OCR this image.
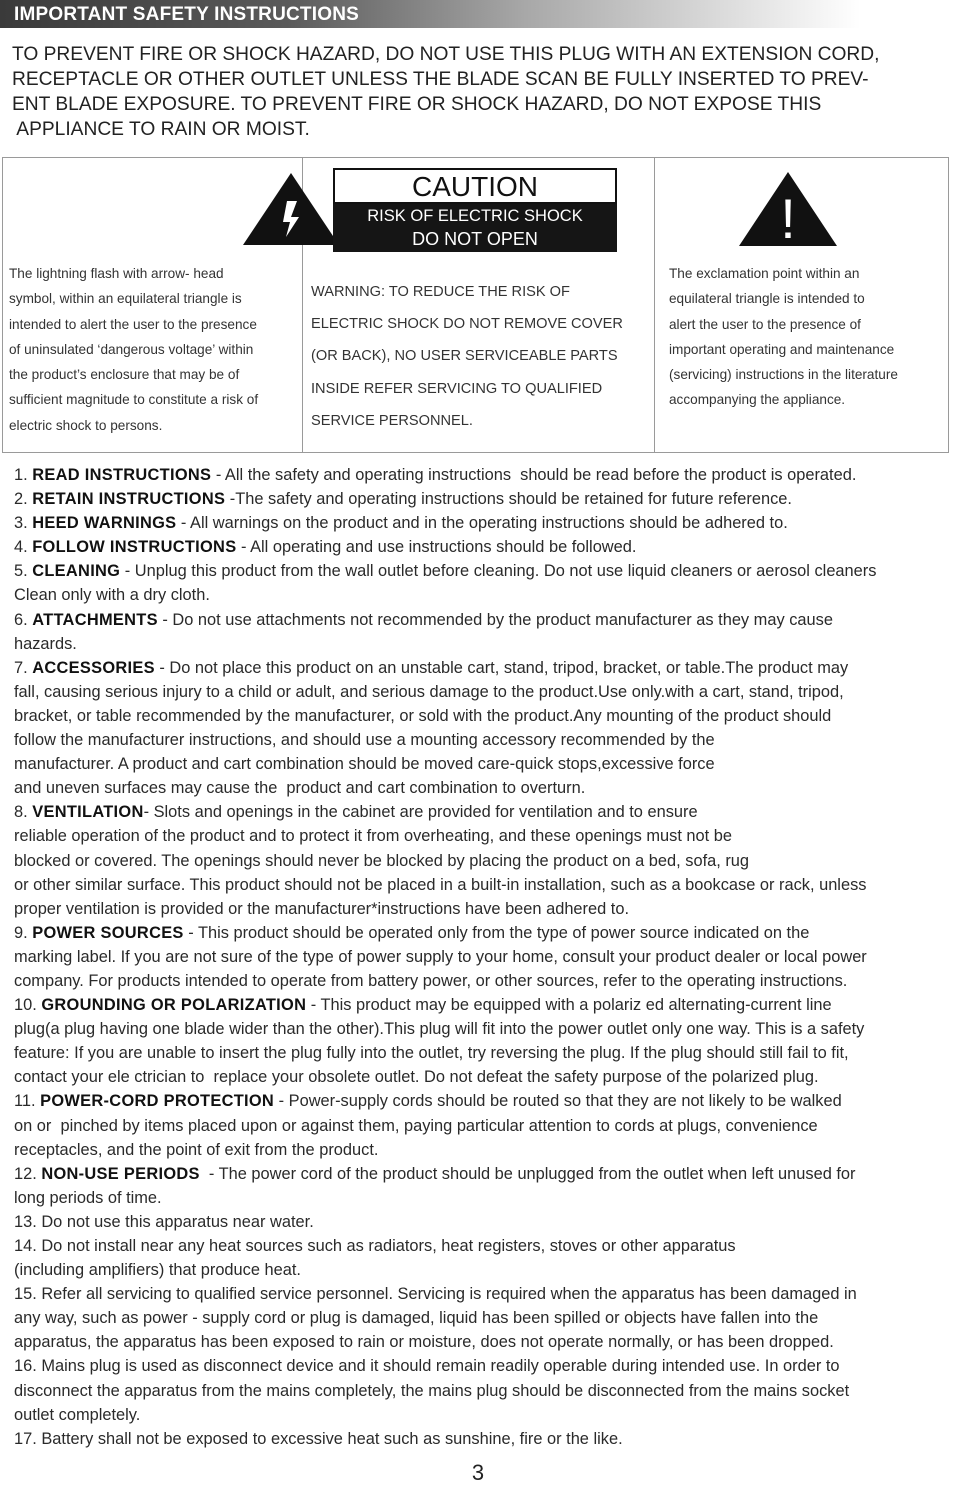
IMPORTANT SAFETY INSTRUCTIONS
TO PREVENT FIRE OR SHOCK HAZARD, DO NOT USE THIS PLUG WITH AN EXTENSION CORD,
RECEPTACLE OR OTHER OUTLET UNLESS THE BLADE SCAN BE FULLY INSERTED TO PREV-
ENT BLADE EXPOSURE. TO PREVENT FIRE OR SHOCK HAZARD, DO NOT EXPOSE THIS
APPLIANCE TO RAIN OR MOIST.
The lightning flash with arrow- head
symbol, within an equilateral triangle is
intended to alert the user to the presence
of uninsulated ‘dangerous voltage’ within
the product’s enclosure that may be of
sufficient magnitude to constitute a risk of
electric shock to persons.
CAUTION
RISK OF ELECTRIC SHOCK
DO NOT OPEN
WARNING: TO REDUCE THE RISK OF
ELECTRIC SHOCK DO NOT REMOVE COVER
(OR BACK), NO USER SERVICEABLE PARTS
INSIDE REFER SERVICING TO QUALIFIED
SERVICE PERSONNEL.
!
The exclamation point within an
equilateral triangle is intended to
alert the user to the presence of
important operating and maintenance
(servicing) instructions in the literature
accompanying the appliance.
1. READ INSTRUCTIONS - All the safety and operating instructions  should be read before the product is operated.
2. RETAIN INSTRUCTIONS -The safety and operating instructions should be retained for future reference.
3. HEED WARNINGS - All warnings on the product and in the operating instructions should be adhered to.
4. FOLLOW INSTRUCTIONS - All operating and use instructions should be followed.
5. CLEANING - Unplug this product from the wall outlet before cleaning. Do not use liquid cleaners or aerosol cleaners
Clean only with a dry cloth.
6. ATTACHMENTS - Do not use attachments not recommended by the product manufacturer as they may cause
hazards.
7. ACCESSORIES - Do not place this product on an unstable cart, stand, tripod, bracket, or table.The product may
fall, causing serious injury to a child or adult, and serious damage to the product.Use only.with a cart, stand, tripod,
bracket, or table recommended by the manufacturer, or sold with the product.Any mounting of the product should
follow the manufacturer instructions, and should use a mounting accessory recommended by the
manufacturer. A product and cart combination should be moved care-quick stops,excessive force
and uneven surfaces may cause the  product and cart combination to overturn.
8. VENTILATION- Slots and openings in the cabinet are provided for ventilation and to ensure
reliable operation of the product and to protect it from overheating, and these openings must not be
blocked or covered. The openings should never be blocked by placing the product on a bed, sofa, rug
or other similar surface. This product should not be placed in a built-in installation, such as a bookcase or rack, unless
proper ventilation is provided or the manufacturer*instructions have been adhered to.
9. POWER SOURCES - This product should be operated only from the type of power source indicated on the
marking label. If you are not sure of the type of power supply to your home, consult your product dealer or local power
company. For products intended to operate from battery power, or other sources, refer to the operating instructions.
10. GROUNDING OR POLARIZATION - This product may be equipped with a polariz ed alternating-current line
plug(a plug having one blade wider than the other).This plug will fit into the power outlet only one way. This is a safety
feature: If you are unable to insert the plug fully into the outlet, try reversing the plug. If the plug should still fail to fit,
contact your ele ctrician to  replace your obsolete outlet. Do not defeat the safety purpose of the polarized plug.
11. POWER-CORD PROTECTION - Power-supply cords should be routed so that they are not likely to be walked
on or  pinched by items placed upon or against them, paying particular attention to cords at plugs, convenience
receptacles, and the point of exit from the product.
12. NON-USE PERIODS  - The power cord of the product should be unplugged from the outlet when left unused for
long periods of time.
13. Do not use this apparatus near water.
14. Do not install near any heat sources such as radiators, heat registers, stoves or other apparatus
(including amplifiers) that produce heat.
15. Refer all servicing to qualified service personnel. Servicing is required when the apparatus has been damaged in
any way, such as power - supply cord or plug is damaged, liquid has been spilled or objects have fallen into the
apparatus, the apparatus has been exposed to rain or moisture, does not operate normally, or has been dropped.
16. Mains plug is used as disconnect device and it should remain readily operable during intended use. In order to
disconnect the apparatus from the mains completely, the mains plug should be disconnected from the mains socket
outlet completely.
17. Battery shall not be exposed to excessive heat such as sunshine, fire or the like.
3
